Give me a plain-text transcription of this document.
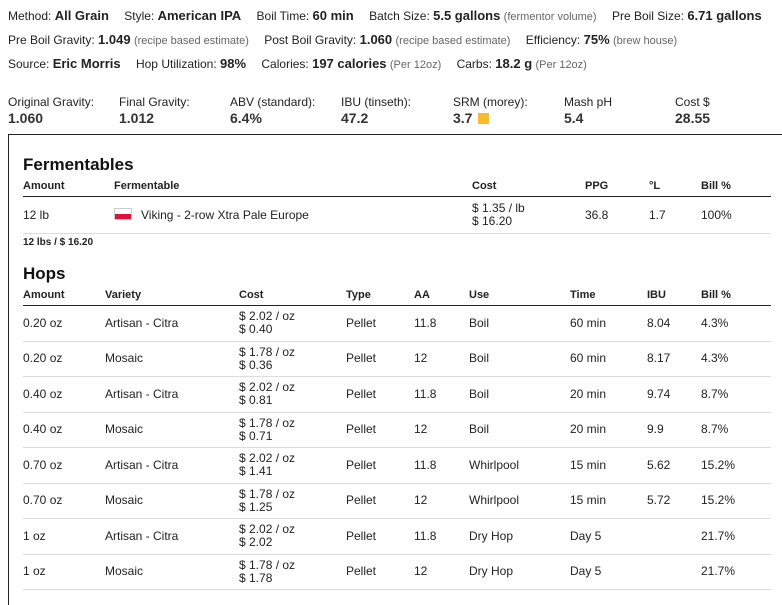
Method: All Grain Style: American IPA Boil Time: 60 min Batch Size: 5.5 gallons (fermentor volume) Pre Boil Size: 6.71 gallons
Pre Boil Gravity: 1.049 (recipe based estimate) Post Boil Gravity: 1.060 (recipe based estimate) Efficiency: 75% (brew house)
Source: Eric Morris Hop Utilization: 98% Calories: 197 calories (Per 12oz) Carbs: 18.2 g (Per 12oz)
Original Gravity:
1.060
Final Gravity:
1.012
ABV (standard):
6.4%
IBU (tinseth):
47.2
SRM (morey):
3.7
Mash pH
5.4
Cost $
28.55
Fermentables
Amount	Fermentable	Cost	PPG	°L	Bill %
12 lb	Viking - 2-row Xtra Pale Europe	$ 1.35 / lb
$ 16.20	36.8	1.7	100%
12 lbs / $ 16.20
Hops
Amount	Variety	Cost	Type	AA	Use	Time	IBU	Bill %
0.20 oz	Artisan - Citra	$ 2.02 / oz
$ 0.40	Pellet	11.8	Boil	60 min	8.04	4.3%
0.20 oz	Mosaic	$ 1.78 / oz
$ 0.36	Pellet	12	Boil	60 min	8.17	4.3%
0.40 oz	Artisan - Citra	$ 2.02 / oz
$ 0.81	Pellet	11.8	Boil	20 min	9.74	8.7%
0.40 oz	Mosaic	$ 1.78 / oz
$ 0.71	Pellet	12	Boil	20 min	9.9	8.7%
0.70 oz	Artisan - Citra	$ 2.02 / oz
$ 1.41	Pellet	11.8	Whirlpool	15 min	5.62	15.2%
0.70 oz	Mosaic	$ 1.78 / oz
$ 1.25	Pellet	12	Whirlpool	15 min	5.72	15.2%
1 oz	Artisan - Citra	$ 2.02 / oz
$ 2.02	Pellet	11.8	Dry Hop	Day 5		21.7%
1 oz	Mosaic	$ 1.78 / oz
$ 1.78	Pellet	12	Dry Hop	Day 5		21.7%
